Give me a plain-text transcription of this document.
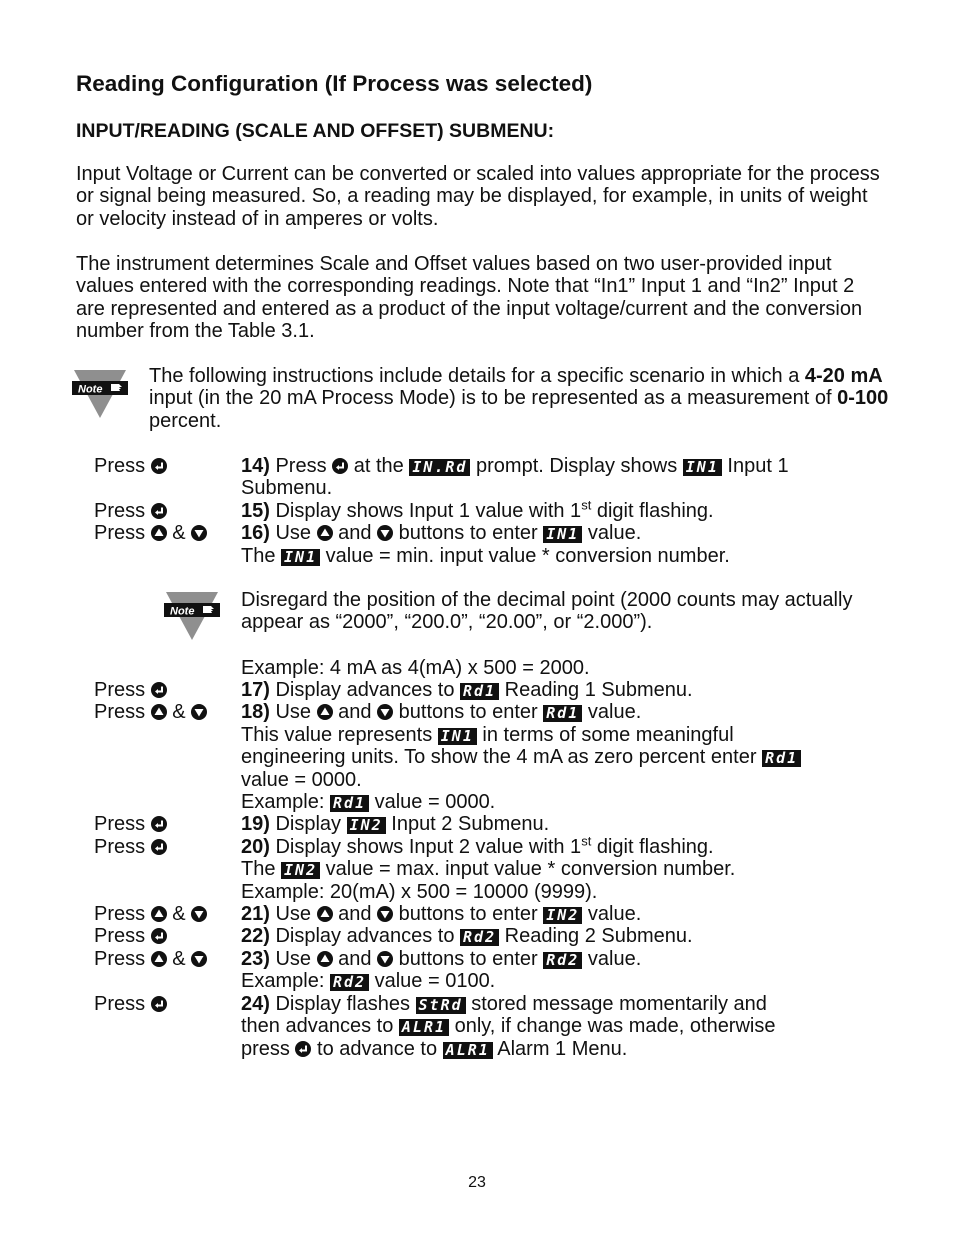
Reading Configuration (If Process was selected)
INPUT/READING (SCALE AND OFFSET) SUBMENU:
Input Voltage or Current can be converted or scaled into values appropriate for the process or signal being measured. So, a reading may be displayed, for example, in units of weight or velocity instead of in amperes or volts.
The instrument determines Scale and Offset values based on two user-provided input values entered with the corresponding readings. Note that “In1” Input 1 and “In2” Input 2 are represented and entered as a product of the input voltage/current and the conversion number from the Table 3.1.
Note
The following instructions include details for a specific scenario in which a 4-20 mA input (in the 20 mA Process Mode) is to be represented as a measurement of 0-100 percent.
Note
Disregard the position of the decimal point (2000 counts may actually appear as “2000”, “200.0”, “20.00”, or “2.000”).
Example: 4 mA as 4(mA) x 500 = 2000.
Press	14) Press
at the IN.Rd prompt. Display shows IN1 Input 1
Submenu.
Press	15) Display shows Input 1 value with 1st digit flashing.
Press &	16) Use and buttons to enter IN1 value.
The IN1 value = min. input value * conversion number.
Press	17) Display advances to Rd1 Reading 1 Submenu.
Press &	18) Use and buttons to enter Rd1 value.
This value represents IN1 in terms of some meaningful
engineering units. To show the 4 mA as zero percent enter Rd1
value = 0000.
Example: Rd1 value = 0000.
Press	19) Display IN2 Input 2 Submenu.
Press	20) Display shows Input 2 value with 1st digit flashing.
The IN2 value = max. input value * conversion number.
Example: 20(mA) x 500 = 10000 (9999).
Press &	21) Use and buttons to enter IN2 value.
Press	22) Display advances to Rd2 Reading 2 Submenu.
Press &	23) Use and buttons to enter Rd2 value.
Example: Rd2 value = 0100.
Press	24) Display flashes StRd stored message momentarily and
then advances to ALR1 only, if change was made, otherwise
press
to advance to ALR1 Alarm 1 Menu.
23
